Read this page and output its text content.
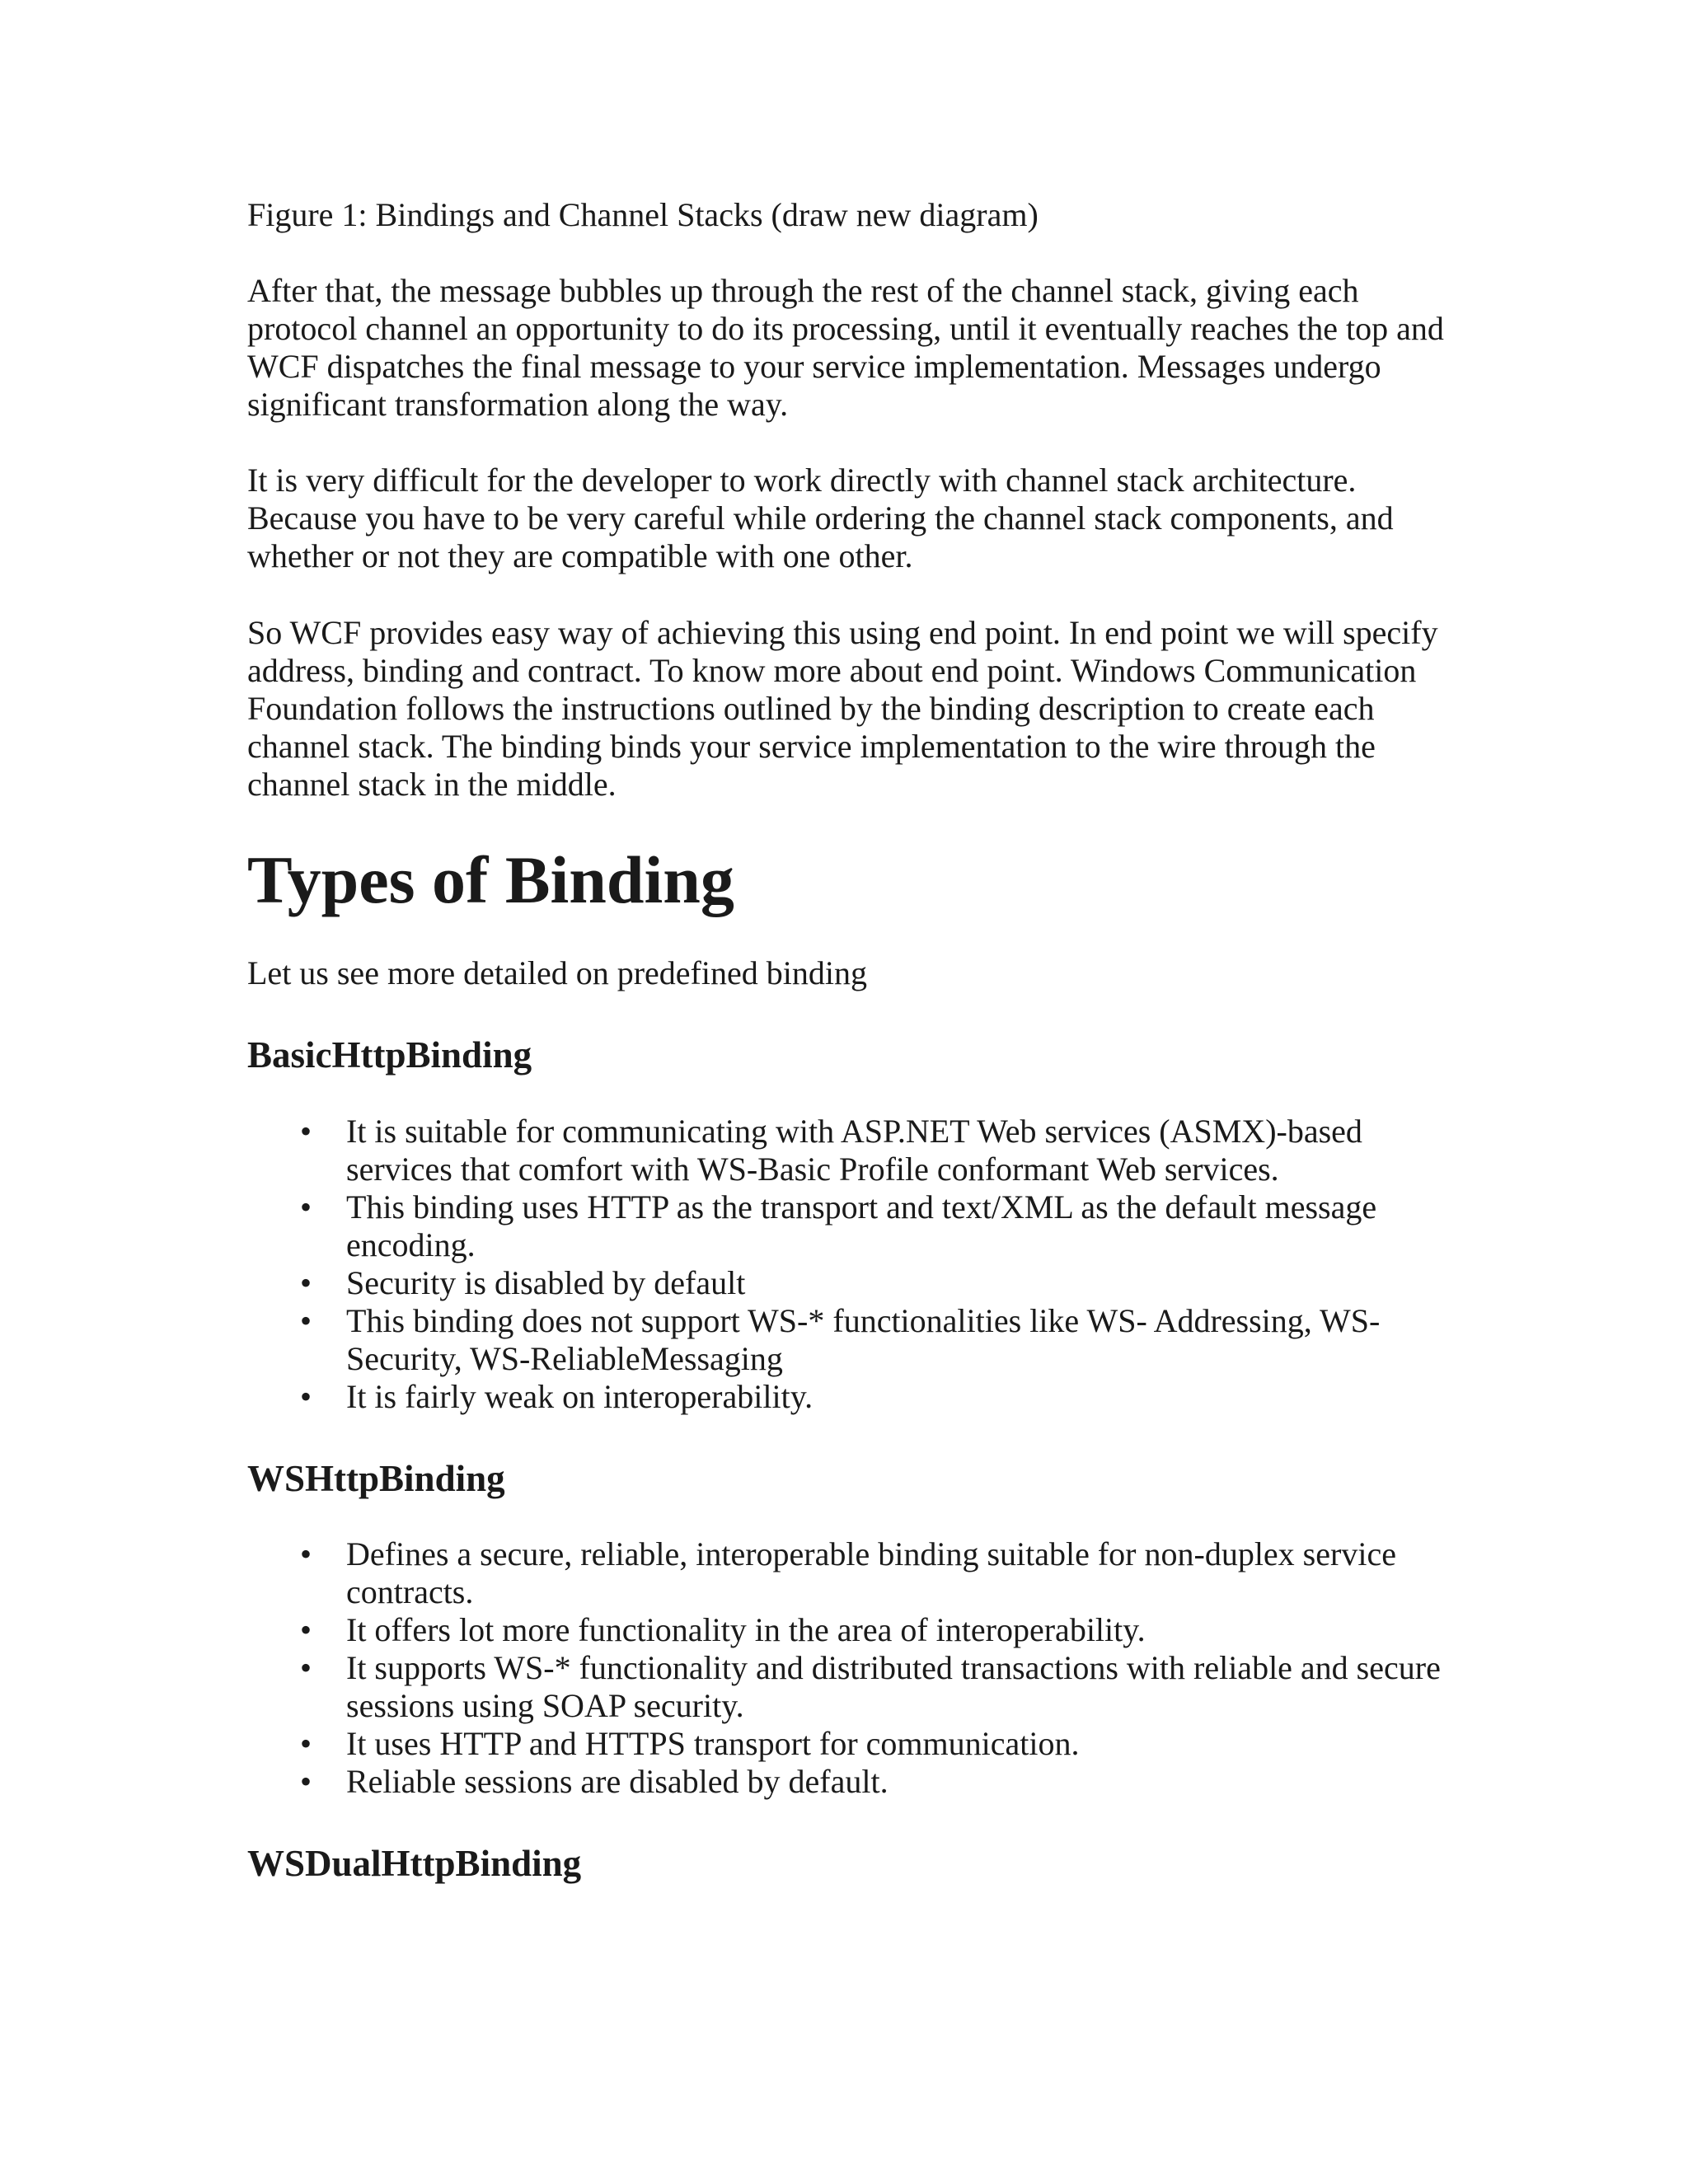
Figure 1: Bindings and Channel Stacks (draw new diagram)

After that, the message bubbles up through the rest of the channel stack, giving each protocol channel an opportunity to do its processing, until it eventually reaches the top and WCF dispatches the final message to your service implementation. Messages undergo significant transformation along the way.

It is very difficult for the developer to work directly with channel stack architecture. Because you have to be very careful while ordering the channel stack components, and whether or not they are compatible with one other.

So WCF provides easy way of achieving this using end point. In end point we will specify address, binding and contract. To know more about end point. Windows Communication Foundation follows the instructions outlined by the binding description to create each channel stack. The binding binds your service implementation to the wire through the channel stack in the middle.

Types of Binding

Let us see more detailed on predefined binding

BasicHttpBinding
• It is suitable for communicating with ASP.NET Web services (ASMX)-based services that comfort with WS-Basic Profile conformant Web services.
• This binding uses HTTP as the transport and text/XML as the default message encoding.
• Security is disabled by default
• This binding does not support WS-* functionalities like WS- Addressing, WS-Security, WS-ReliableMessaging
• It is fairly weak on interoperability.
WSHttpBinding
• Defines a secure, reliable, interoperable binding suitable for non-duplex service contracts.
• It offers lot more functionality in the area of interoperability.
• It supports WS-* functionality and distributed transactions with reliable and secure sessions using SOAP security.
• It uses HTTP and HTTPS transport for communication.
• Reliable sessions are disabled by default.
WSDualHttpBinding
